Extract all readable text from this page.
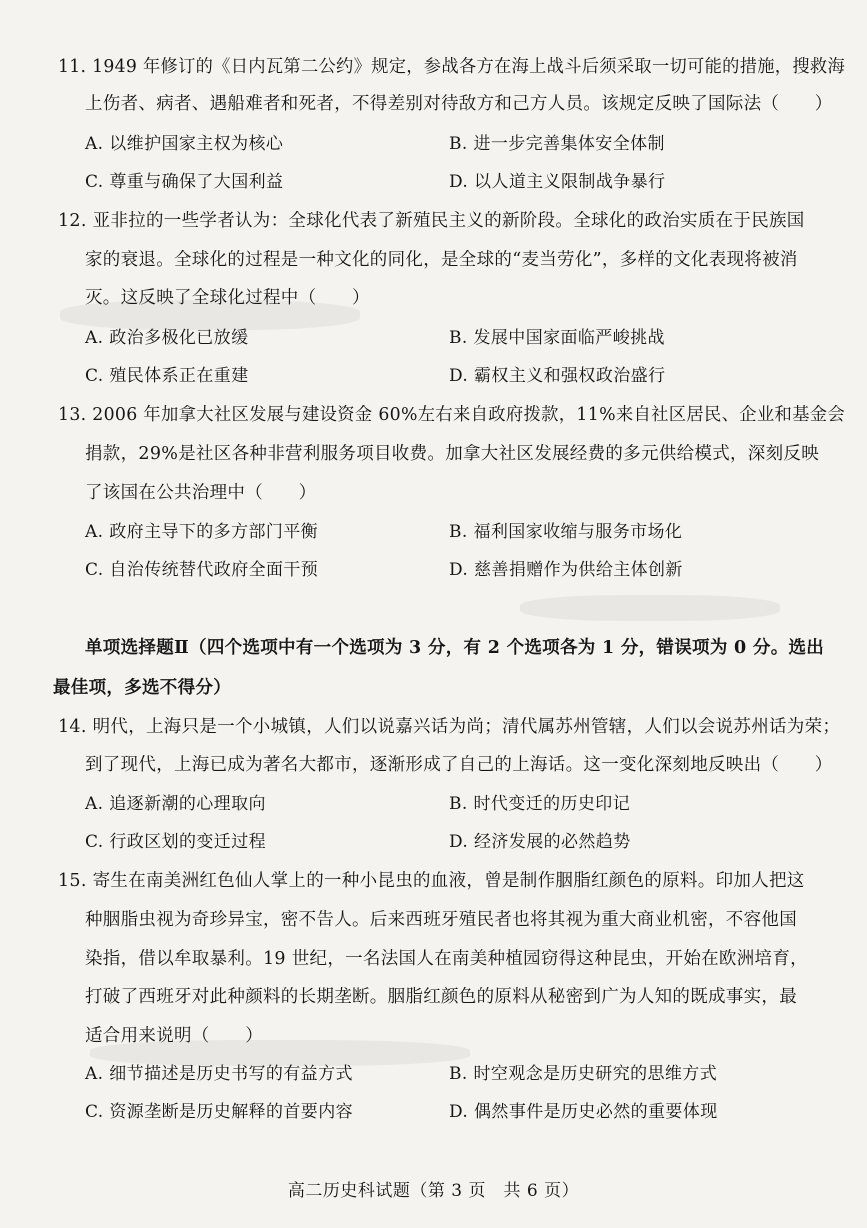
11. 1949 年修订的《日内瓦第二公约》规定，参战各方在海上战斗后须采取一切可能的措施，搜救海
上伤者、病者、遇船难者和死者，不得差别对待敌方和己方人员。该规定反映了国际法（　　）
A. 以维护国家主权为核心	B. 进一步完善集体安全体制
C. 尊重与确保了大国利益	D. 以人道主义限制战争暴行
12. 亚非拉的一些学者认为：全球化代表了新殖民主义的新阶段。全球化的政治实质在于民族国
家的衰退。全球化的过程是一种文化的同化，是全球的“麦当劳化”，多样的文化表现将被消
灭。这反映了全球化过程中（　　）
A. 政治多极化已放缓	B. 发展中国家面临严峻挑战
C. 殖民体系正在重建	D. 霸权主义和强权政治盛行
13. 2006 年加拿大社区发展与建设资金 60%左右来自政府拨款，11%来自社区居民、企业和基金会
捐款，29%是社区各种非营利服务项目收费。加拿大社区发展经费的多元供给模式，深刻反映
了该国在公共治理中（　　）
A. 政府主导下的多方部门平衡	B. 福利国家收缩与服务市场化
C. 自治传统替代政府全面干预	D. 慈善捐赠作为供给主体创新
单项选择题Ⅱ（四个选项中有一个选项为 3 分，有 2 个选项各为 1 分，错误项为 0 分。选出
最佳项，多选不得分）
14. 明代，上海只是一个小城镇，人们以说嘉兴话为尚；清代属苏州管辖，人们以会说苏州话为荣；
到了现代，上海已成为著名大都市，逐渐形成了自己的上海话。这一变化深刻地反映出（　　）
A. 追逐新潮的心理取向	B. 时代变迁的历史印记
C. 行政区划的变迁过程	D. 经济发展的必然趋势
15. 寄生在南美洲红色仙人掌上的一种小昆虫的血液，曾是制作胭脂红颜色的原料。印加人把这
种胭脂虫视为奇珍异宝，密不告人。后来西班牙殖民者也将其视为重大商业机密，不容他国
染指，借以牟取暴利。19 世纪，一名法国人在南美种植园窃得这种昆虫，开始在欧洲培育，
打破了西班牙对此种颜料的长期垄断。胭脂红颜色的原料从秘密到广为人知的既成事实，最
适合用来说明（　　）
A. 细节描述是历史书写的有益方式	B. 时空观念是历史研究的思维方式
C. 资源垄断是历史解释的首要内容	D. 偶然事件是历史必然的重要体现
高二历史科试题（第 3 页　共 6 页）
